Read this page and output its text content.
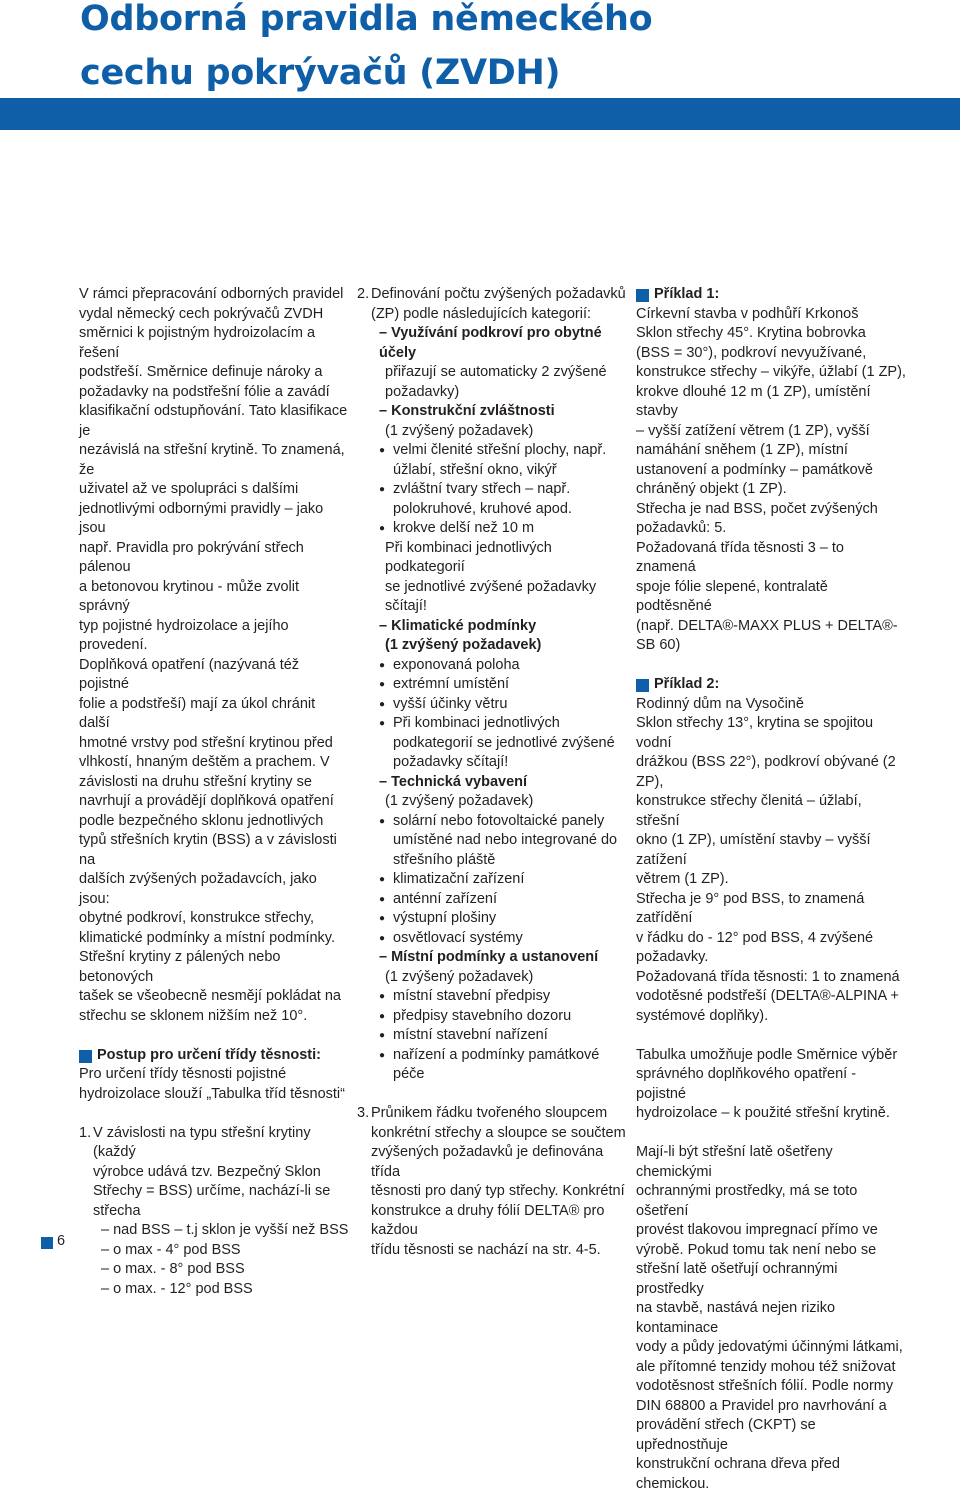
Odborná pravidla německého
cechu pokrývačů (ZVDH)
V rámci přepracování odborných pravidel
vydal německý cech pokrývačů ZVDH
směrnici k pojistným hydroizolacím a řešení
podstřeší. Směrnice definuje nároky a
požadavky na podstřešní fólie a zavádí
klasifikační odstupňování. Tato klasifikace je
nezávislá na střešní krytině. To znamená, že
uživatel až ve spolupráci s dalšími
jednotlivými odbornými pravidly – jako jsou
např. Pravidla pro pokrývání střech pálenou
a betonovou krytinou - může zvolit správný
typ pojistné hydroizolace a jejího
provedení.
Doplňková opatření (nazývaná též pojistné
folie a podstřeší) mají za úkol chránit další
hmotné vrstvy pod střešní krytinou před
vlhkostí, hnaným deštěm a prachem. V
závislosti na druhu střešní krytiny se
navrhují a provádějí doplňková opatření
podle bezpečného sklonu jednotlivých
typů střešních krytin (BSS) a v závislosti na
dalších zvýšených požadavcích, jako jsou:
obytné podkroví, konstrukce střechy,
klimatické podmínky a místní podmínky.
Střešní krytiny z pálených nebo betonových
tašek se všeobecně nesmějí pokládat na
střechu se sklonem nižším než 10°.
Postup pro určení třídy těsnosti:
Pro určení třídy těsnosti pojistné
hydroizolace slouží „Tabulka tříd těsnosti“
1. V závislosti na typu střešní krytiny (každý
výrobce udává tzv. Bezpečný Sklon
Střechy = BSS) určíme, nachází-li se
střecha
– nad BSS – t.j sklon je vyšší než BSS
– o max - 4° pod BSS
– o max. - 8° pod BSS
– o max. - 12° pod BSS
2. Definování počtu zvýšených požadavků
(ZP) podle následujících kategorií:
– Využívání podkroví pro obytné účely
přiřazují se automaticky 2 zvýšené
požadavky)
– Konstrukční zvláštnosti
(1 zvýšený požadavek)
● velmi členité střešní plochy, např.
úžlabí, střešní okno, vikýř
● zvláštní tvary střech – např.
polokruhové, kruhové apod.
● krokve delší než 10 m
Při kombinaci jednotlivých podkategorií
se jednotlivé zvýšené požadavky sčítají!
– Klimatické podmínky
(1 zvýšený požadavek)
● exponovaná poloha
● extrémní umístění
● vyšší účinky větru
● Při kombinaci jednotlivých
podkategorií se jednotlivé zvýšené
požadavky sčítají!
– Technická vybavení
(1 zvýšený požadavek)
● solární nebo fotovoltaické panely
umístěné nad nebo integrované do
střešního pláště
● klimatizační zařízení
● anténní zařízení
● výstupní plošiny
● osvětlovací systémy
– Místní podmínky a ustanovení
(1 zvýšený požadavek)
● místní stavební předpisy
● předpisy stavebního dozoru
● místní stavební nařízení
● nařízení a podmínky památkové péče
3. Průnikem řádku tvořeného sloupcem
konkrétní střechy a sloupce se součtem
zvýšených požadavků je definována třída
těsnosti pro daný typ střechy. Konkrétní
konstrukce a druhy fólií DELTA® pro každou
třídu těsnosti se nachází na str. 4-5.
Příklad 1:
Církevní stavba v podhůří Krkonoš
Sklon střechy 45°. Krytina bobrovka
(BSS = 30°), podkroví nevyužívané,
konstrukce střechy – vikýře, úžlabí (1 ZP),
krokve dlouhé 12 m (1 ZP), umístění stavby
– vyšší zatížení větrem (1 ZP), vyšší
namáhání sněhem (1 ZP), místní
ustanovení a podmínky – památkově
chráněný objekt (1 ZP).
Střecha je nad BSS, počet zvýšených
požadavků: 5.
Požadovaná třída těsnosti 3 – to znamená
spoje fólie slepené, kontralatě podtěsněné
(např. DELTA®-MAXX PLUS + DELTA®-SB 60)
Příklad 2:
Rodinný dům na Vysočině
Sklon střechy 13°, krytina se spojitou vodní
drážkou (BSS 22°), podkroví obývané (2 ZP),
konstrukce střechy členitá – úžlabí, střešní
okno (1 ZP), umístění stavby – vyšší zatížení
větrem (1 ZP).
Střecha je 9° pod BSS, to znamená zatřídění
v řádku do - 12° pod BSS, 4 zvýšené
požadavky.
Požadovaná třída těsnosti: 1 to znamená
vodotěsné podstřeší (DELTA®-ALPINA +
systémové doplňky).
Tabulka umožňuje podle Směrnice výběr
správného doplňkového opatření - pojistné
hydroizolace – k použité střešní krytině.
Mají-li být střešní latě ošetřeny chemickými
ochrannými prostředky, má se toto ošetření
provést tlakovou impregnací přímo ve
výrobě. Pokud tomu tak není nebo se
střešní latě ošetřují ochrannými prostředky
na stavbě, nastává nejen riziko kontaminace
vody a půdy jedovatými účinnými látkami,
ale přítomné tenzidy mohou též snižovat
vodotěsnost střešních fólií. Podle normy
DIN 68800 a Pravidel pro navrhování a
provádění střech (CKPT) se upřednostňuje
konstrukční ochrana dřeva před chemickou.
6
